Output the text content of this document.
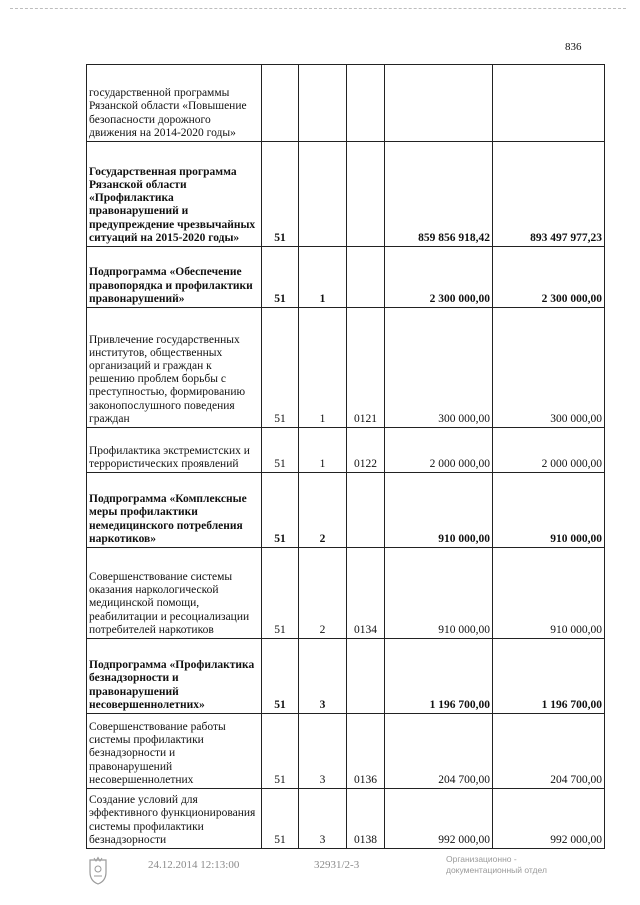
836
государственной программы Рязанской области «Повышение безопасности дорожного движения на 2014-2020 годы»					
Государственная программа Рязанской области «Профилактика правонарушений и предупреждение чрезвычайных ситуаций на 2015-2020 годы»	51			859 856 918,42	893 497 977,23
Подпрограмма «Обеспечение правопорядка и профилактики правонарушений»	51	1		2 300 000,00	2 300 000,00
Привлечение государственных институтов, общественных организаций и граждан к решению проблем борьбы с преступностью, формированию законопослушного поведения граждан	51	1	0121	300 000,00	300 000,00
Профилактика экстремистских и террористических проявлений	51	1	0122	2 000 000,00	2 000 000,00
Подпрограмма «Комплексные меры профилактики немедицинского потребления наркотиков»	51	2		910 000,00	910 000,00
Совершенствование системы оказания наркологической медицинской помощи, реабилитации и ресоциализации потребителей наркотиков	51	2	0134	910 000,00	910 000,00
Подпрограмма «Профилактика безнадзорности и правонарушений несовершеннолетних»	51	3		1 196 700,00	1 196 700,00
Совершенствование работы системы профилактики безнадзорности и правонарушений несовершеннолетних	51	3	0136	204 700,00	204 700,00
Создание условий для эффективного функционирования системы профилактики безнадзорности	51	3	0138	992 000,00	992 000,00
24.12.2014 12:13:00	32931/2-3	Организационно -
документационный отдел
